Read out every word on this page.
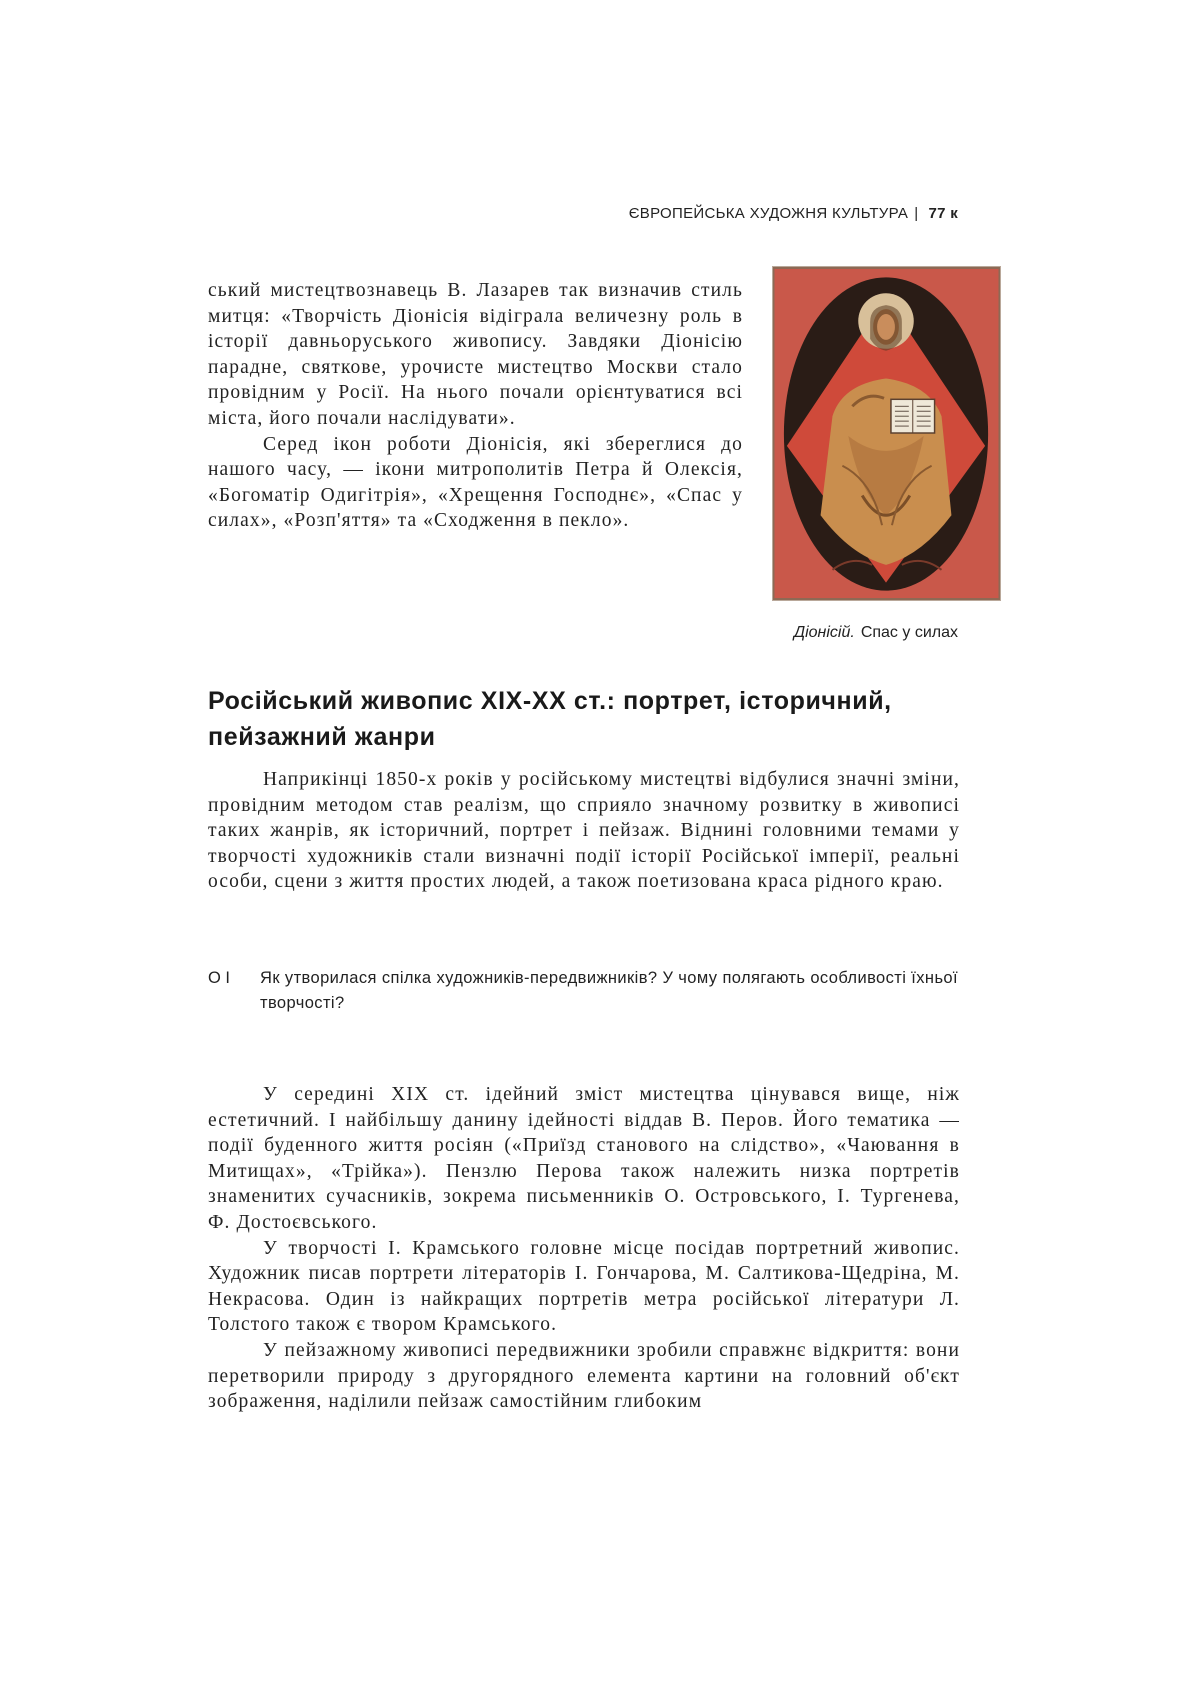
ЄВРОПЕЙСЬКА ХУДОЖНЯ КУЛЬТУРА | 77 к

ський мистецтвознавець В. Лазарев так визначив стиль митця: «Творчість Діонісія відіграла величезну роль в історії давньоруського живопису. Завдяки Діонісію парадне, святкове, урочисте мистецтво Москви стало провідним у Росії. На нього почали орієнтуватися всі міста, його почали наслідувати».

Серед ікон роботи Діонісія, які збереглися до нашого часу, — ікони митрополитів Петра й Олексія, «Богоматір Одигітрія», «Хрещення Господнє», «Спас у силах», «Розп'яття» та «Сходження в пекло».

Діонісій. Спас у силах
Російський живопис XIX-XX ст.: портрет, історичний, пейзажний жанри

Наприкінці 1850-х років у російському мистецтві відбулися значні зміни, провідним методом став реалізм, що сприяло значному розвитку в живописі таких жанрів, як історичний, портрет і пейзаж. Віднині головними темами у творчості художників стали визначні події історії Російської імперії, реальні особи, сцени з життя простих людей, а також поетизована краса рідного краю.

О І Як утворилася спілка художників-передвижників? У чому полягають особливості їхньої творчості?

У середині XIX ст. ідейний зміст мистецтва цінувався вище, ніж естетичний. І найбільшу данину ідейності віддав В. Перов. Його тематика — події буденного життя росіян («Приїзд станового на слідство», «Чаювання в Митищах», «Трійка»). Пензлю Перова також належить низка портретів знаменитих сучасників, зокрема письменників О. Островського, І. Тургенева, Ф. Достоєвського.

У творчості І. Крамського головне місце посідав портретний живопис. Художник писав портрети літераторів І. Гончарова, М. Салтикова-Щедріна, М. Некрасова. Один із найкращих портретів метра російської літератури Л. Толстого також є твором Крамського.

У пейзажному живописі передвижники зробили справжнє відкриття: вони перетворили природу з другорядного елемента картини на головний об'єкт зображення, наділили пейзаж самостійним глибоким
